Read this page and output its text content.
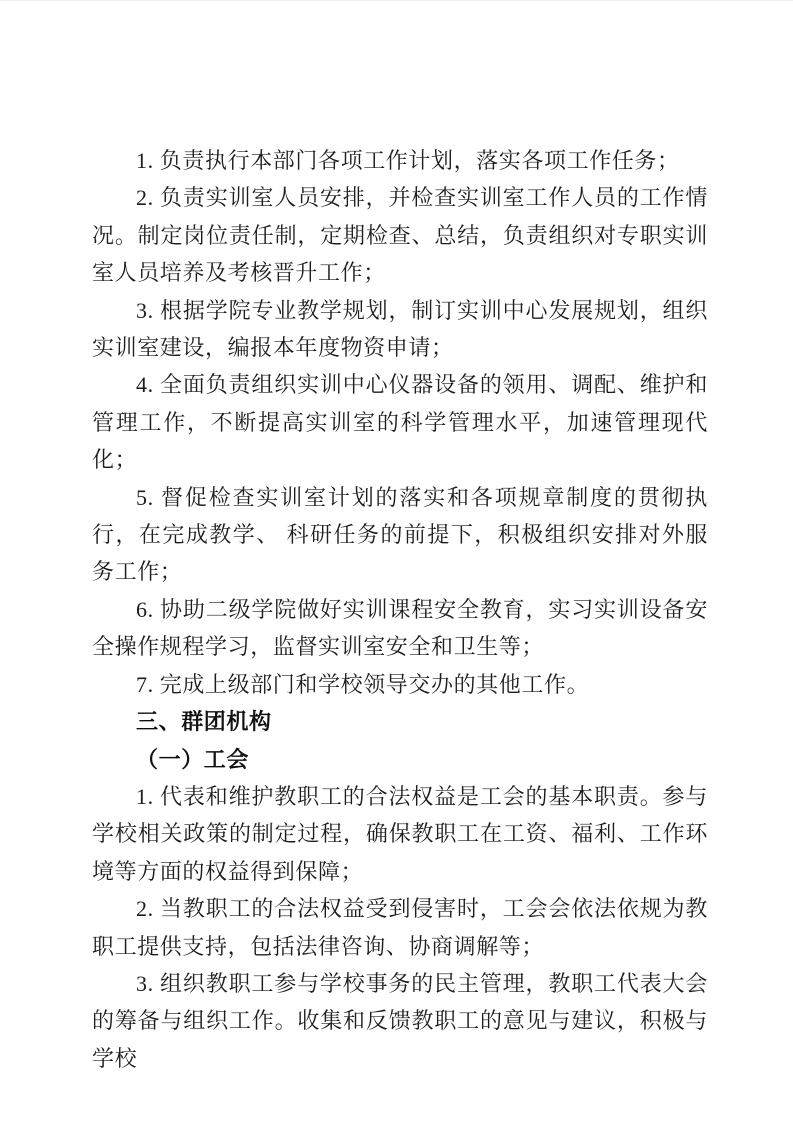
1. 负责执行本部门各项工作计划，落实各项工作任务；

2. 负责实训室人员安排，并检查实训室工作人员的工作情况。制定岗位责任制，定期检查、总结，负责组织对专职实训室人员培养及考核晋升工作；

3. 根据学院专业教学规划，制订实训中心发展规划，组织实训室建设，编报本年度物资申请；

4. 全面负责组织实训中心仪器设备的领用、调配、维护和管理工作，不断提高实训室的科学管理水平，加速管理现代化；

5. 督促检查实训室计划的落实和各项规章制度的贯彻执行，在完成教学、 科研任务的前提下，积极组织安排对外服务工作；

6. 协助二级学院做好实训课程安全教育，实习实训设备安全操作规程学习，监督实训室安全和卫生等；

7. 完成上级部门和学校领导交办的其他工作。

三、群团机构

（一）工会

1. 代表和维护教职工的合法权益是工会的基本职责。参与学校相关政策的制定过程，确保教职工在工资、福利、工作环境等方面的权益得到保障；

2. 当教职工的合法权益受到侵害时，工会会依法依规为教职工提供支持，包括法律咨询、协商调解等；

3. 组织教职工参与学校事务的民主管理，教职工代表大会的筹备与组织工作。收集和反馈教职工的意见与建议，积极与学校
